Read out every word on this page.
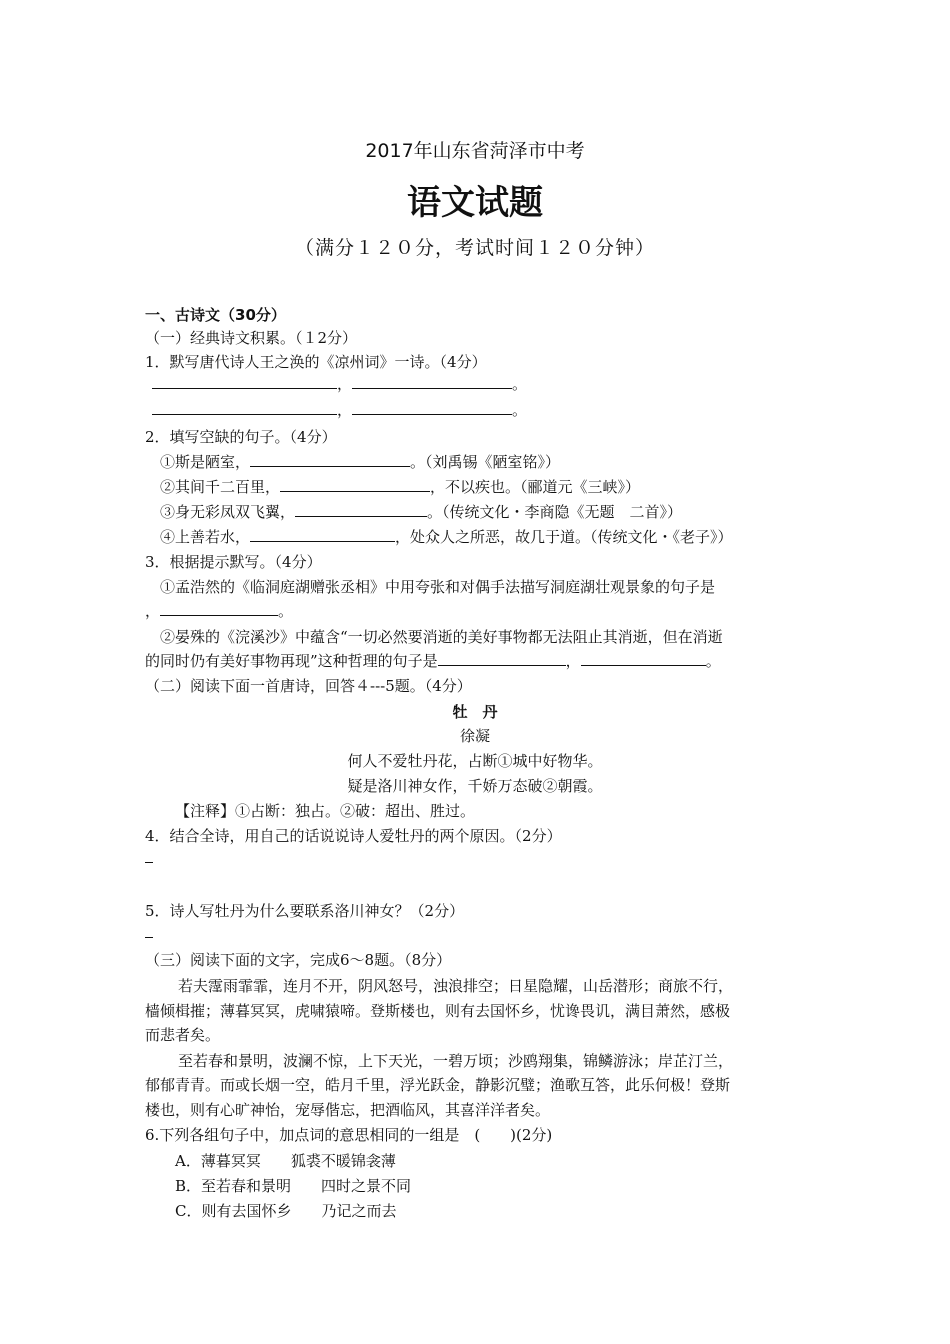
2017年山东省菏泽市中考
语文试题
（满分１２０分，考试时间１２０分钟）
一、古诗文（30分）
（一）经典诗文积累。（１2分）
1．默写唐代诗人王之涣的《凉州词》一诗。（4分）
，	。
，	。
2．填写空缺的句子。（4分）
①斯是陋室，	。（刘禹锡《陋室铭》）
②其间千二百里，	，不以疾也。（郦道元《三峡》）
③身无彩凤双飞翼，	。（传统文化・李商隐《无题　二首》）
④上善若水，	，处众人之所恶，故几于道。（传统文化・《老子》）
3．根据提示默写。（4分）
①孟浩然的《临洞庭湖赠张丞相》中用夸张和对偶手法描写洞庭湖壮观景象的句子是
，	。
②晏殊的《浣溪沙》中蕴含“一切必然要消逝的美好事物都无法阻止其消逝，但在消逝
的同时仍有美好事物再现”这种哲理的句子是	，	。
（二）阅读下面一首唐诗，回答４---5题。（4分）
牡　丹
徐凝
何人不爱牡丹花，占断①城中好物华。
疑是洛川神女作，千娇万态破②朝霞。
【注释】①占断：独占。②破：超出、胜过。
4．结合全诗，用自己的话说说诗人爱牡丹的两个原因。（2分）
5．诗人写牡丹为什么要联系洛川神女？（2分）
（三）阅读下面的文字，完成6～8题。（8分）
若夫霪雨霏霏，连月不开，阴风怒号，浊浪排空；日星隐耀，山岳潜形；商旅不行，
樯倾楫摧；薄暮冥冥，虎啸猿啼。登斯楼也，则有去国怀乡，忧谗畏讥，满目萧然，感极
而悲者矣。
至若春和景明，波澜不惊，上下天光，一碧万顷；沙鸥翔集，锦鳞游泳；岸芷汀兰，
郁郁青青。而或长烟一空，皓月千里，浮光跃金，静影沉璧；渔歌互答，此乐何极！登斯
楼也，则有心旷神怡，宠辱偕忘，把酒临风，其喜洋洋者矣。
6.下列各组句子中，加点词的意思相同的一组是　(　　)(2分)
A．薄暮冥冥　　狐裘不暖锦衾薄
B．至若春和景明　　四时之景不同
C．则有去国怀乡　　乃记之而去
